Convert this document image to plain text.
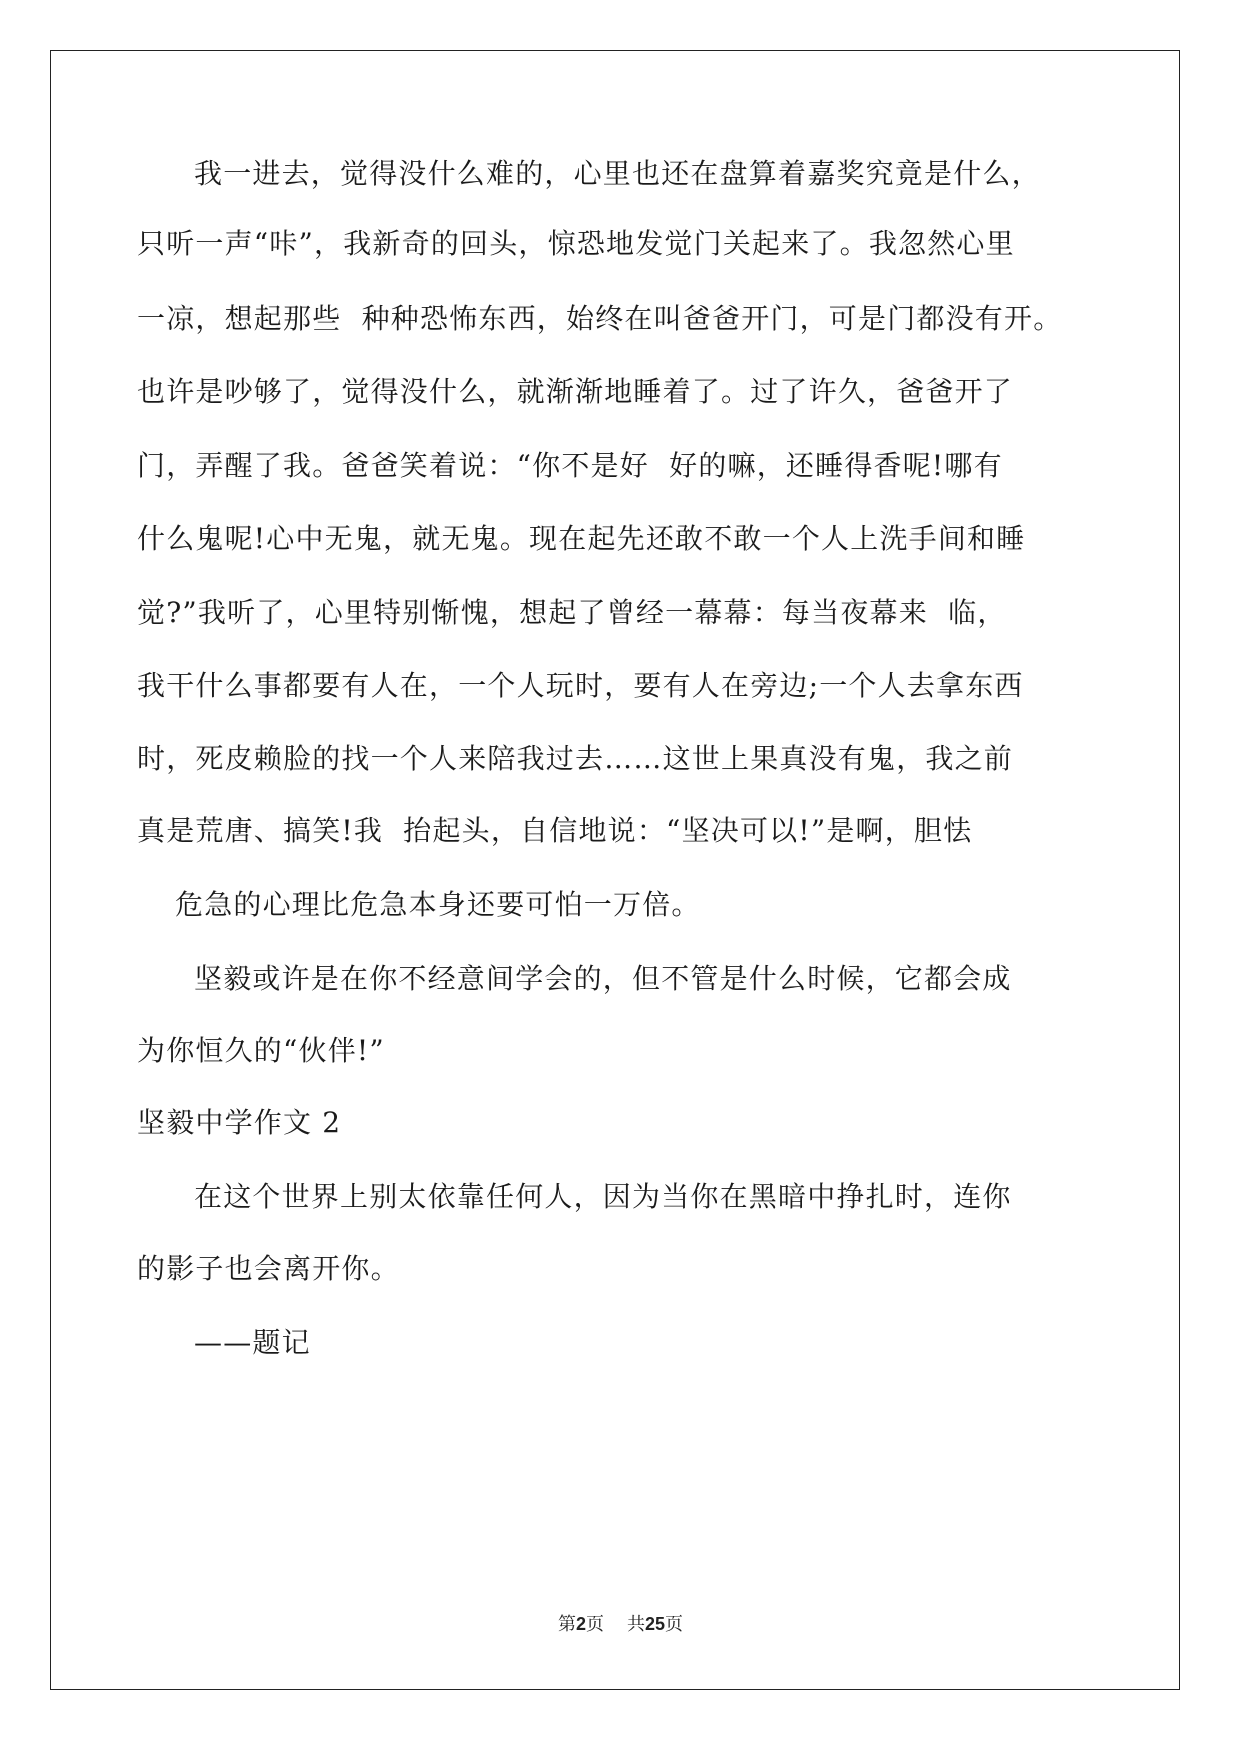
我一进去，觉得没什么难的，心里也还在盘算着嘉奖究竟是什么，
只听一声“咔”，我新奇的回头，惊恐地发觉门关起来了。我忽然心里
一凉，想起那些  种种恐怖东西，始终在叫爸爸开门，可是门都没有开。
也许是吵够了，觉得没什么，就渐渐地睡着了。过了许久，爸爸开了
门，弄醒了我。爸爸笑着说：“你不是好  好的嘛，还睡得香呢!哪有
什么鬼呢!心中无鬼，就无鬼。现在起先还敢不敢一个人上洗手间和睡
觉?”我听了，心里特别惭愧，想起了曾经一幕幕：每当夜幕来  临，
我干什么事都要有人在，一个人玩时，要有人在旁边;一个人去拿东西
时，死皮赖脸的找一个人来陪我过去……这世上果真没有鬼，我之前
真是荒唐、搞笑!我  抬起头，自信地说：“坚决可以!”是啊，胆怯
危急的心理比危急本身还要可怕一万倍。
坚毅或许是在你不经意间学会的，但不管是什么时候，它都会成
为你恒久的“伙伴!”
坚毅中学作文 2
在这个世界上别太依靠任何人，因为当你在黑暗中挣扎时，连你
的影子也会离开你。
——题记
第2页 共25页
